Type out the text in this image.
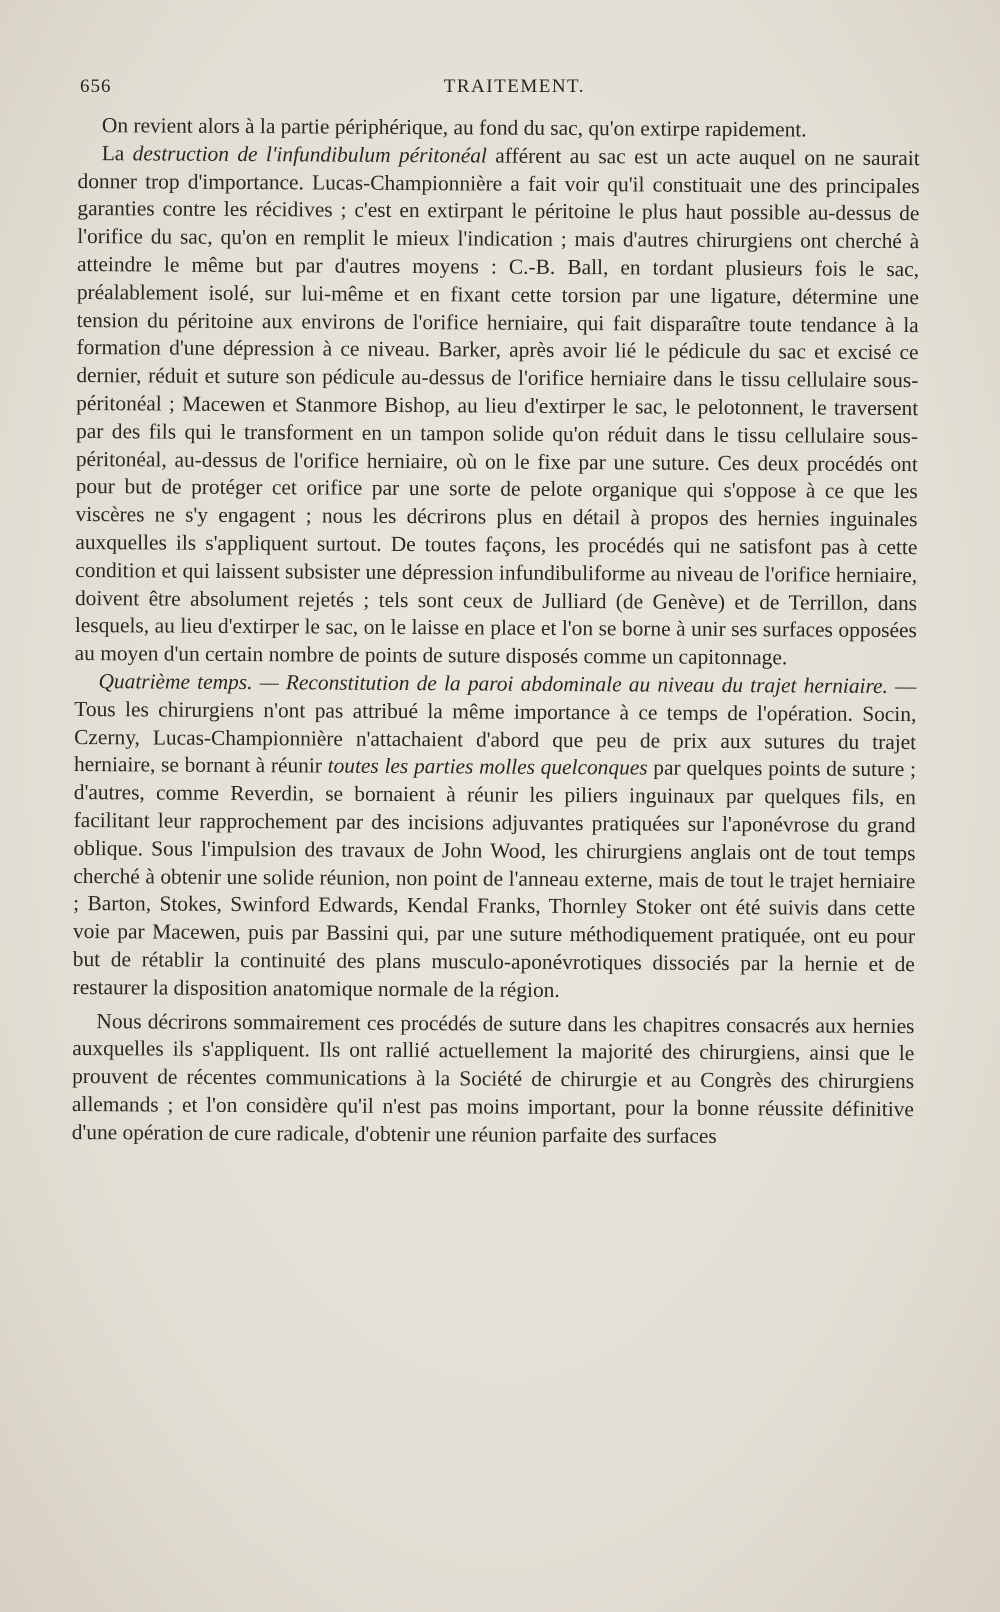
656	TRAITEMENT.

On revient alors à la partie périphérique, au fond du sac, qu'on extirpe rapidement.

La destruction de l'infundibulum péritonéal afférent au sac est un acte auquel on ne saurait donner trop d'importance. Lucas-Championnière a fait voir qu'il constituait une des principales garanties contre les récidives ; c'est en extirpant le péritoine le plus haut possible au-dessus de l'orifice du sac, qu'on en remplit le mieux l'indication ; mais d'autres chirurgiens ont cherché à atteindre le même but par d'autres moyens : C.-B. Ball, en tordant plusieurs fois le sac, préalablement isolé, sur lui-même et en fixant cette torsion par une ligature, détermine une tension du péritoine aux environs de l'orifice herniaire, qui fait disparaître toute tendance à la formation d'une dépression à ce niveau. Barker, après avoir lié le pédicule du sac et excisé ce dernier, réduit et suture son pédicule au-dessus de l'orifice herniaire dans le tissu cellulaire sous-péritonéal ; Macewen et Stanmore Bishop, au lieu d'extirper le sac, le pelotonnent, le traversent par des fils qui le transforment en un tampon solide qu'on réduit dans le tissu cellulaire sous-péritonéal, au-dessus de l'orifice herniaire, où on le fixe par une suture. Ces deux procédés ont pour but de protéger cet orifice par une sorte de pelote organique qui s'oppose à ce que les viscères ne s'y engagent ; nous les décrirons plus en détail à propos des hernies inguinales auxquelles ils s'appliquent surtout. De toutes façons, les procédés qui ne satisfont pas à cette condition et qui laissent subsister une dépression infundibuliforme au niveau de l'orifice herniaire, doivent être absolument rejetés ; tels sont ceux de Julliard (de Genève) et de Terrillon, dans lesquels, au lieu d'extirper le sac, on le laisse en place et l'on se borne à unir ses surfaces opposées au moyen d'un certain nombre de points de suture disposés comme un capitonnage.

Quatrième temps. — Reconstitution de la paroi abdominale au niveau du trajet herniaire. — Tous les chirurgiens n'ont pas attribué la même importance à ce temps de l'opération. Socin, Czerny, Lucas-Championnière n'attachaient d'abord que peu de prix aux sutures du trajet herniaire, se bornant à réunir toutes les parties molles quelconques par quelques points de suture ; d'autres, comme Reverdin, se bornaient à réunir les piliers inguinaux par quelques fils, en facilitant leur rapprochement par des incisions adjuvantes pratiquées sur l'aponévrose du grand oblique. Sous l'impulsion des travaux de John Wood, les chirurgiens anglais ont de tout temps cherché à obtenir une solide réunion, non point de l'anneau externe, mais de tout le trajet herniaire ; Barton, Stokes, Swinford Edwards, Kendal Franks, Thornley Stoker ont été suivis dans cette voie par Macewen, puis par Bassini qui, par une suture méthodiquement pratiquée, ont eu pour but de rétablir la continuité des plans musculo-aponévrotiques dissociés par la hernie et de restaurer la disposition anatomique normale de la région.

Nous décrirons sommairement ces procédés de suture dans les chapitres consacrés aux hernies auxquelles ils s'appliquent. Ils ont rallié actuellement la majorité des chirurgiens, ainsi que le prouvent de récentes communications à la Société de chirurgie et au Congrès des chirurgiens allemands ; et l'on considère qu'il n'est pas moins important, pour la bonne réussite définitive d'une opération de cure radicale, d'obtenir une réunion parfaite des surfaces
